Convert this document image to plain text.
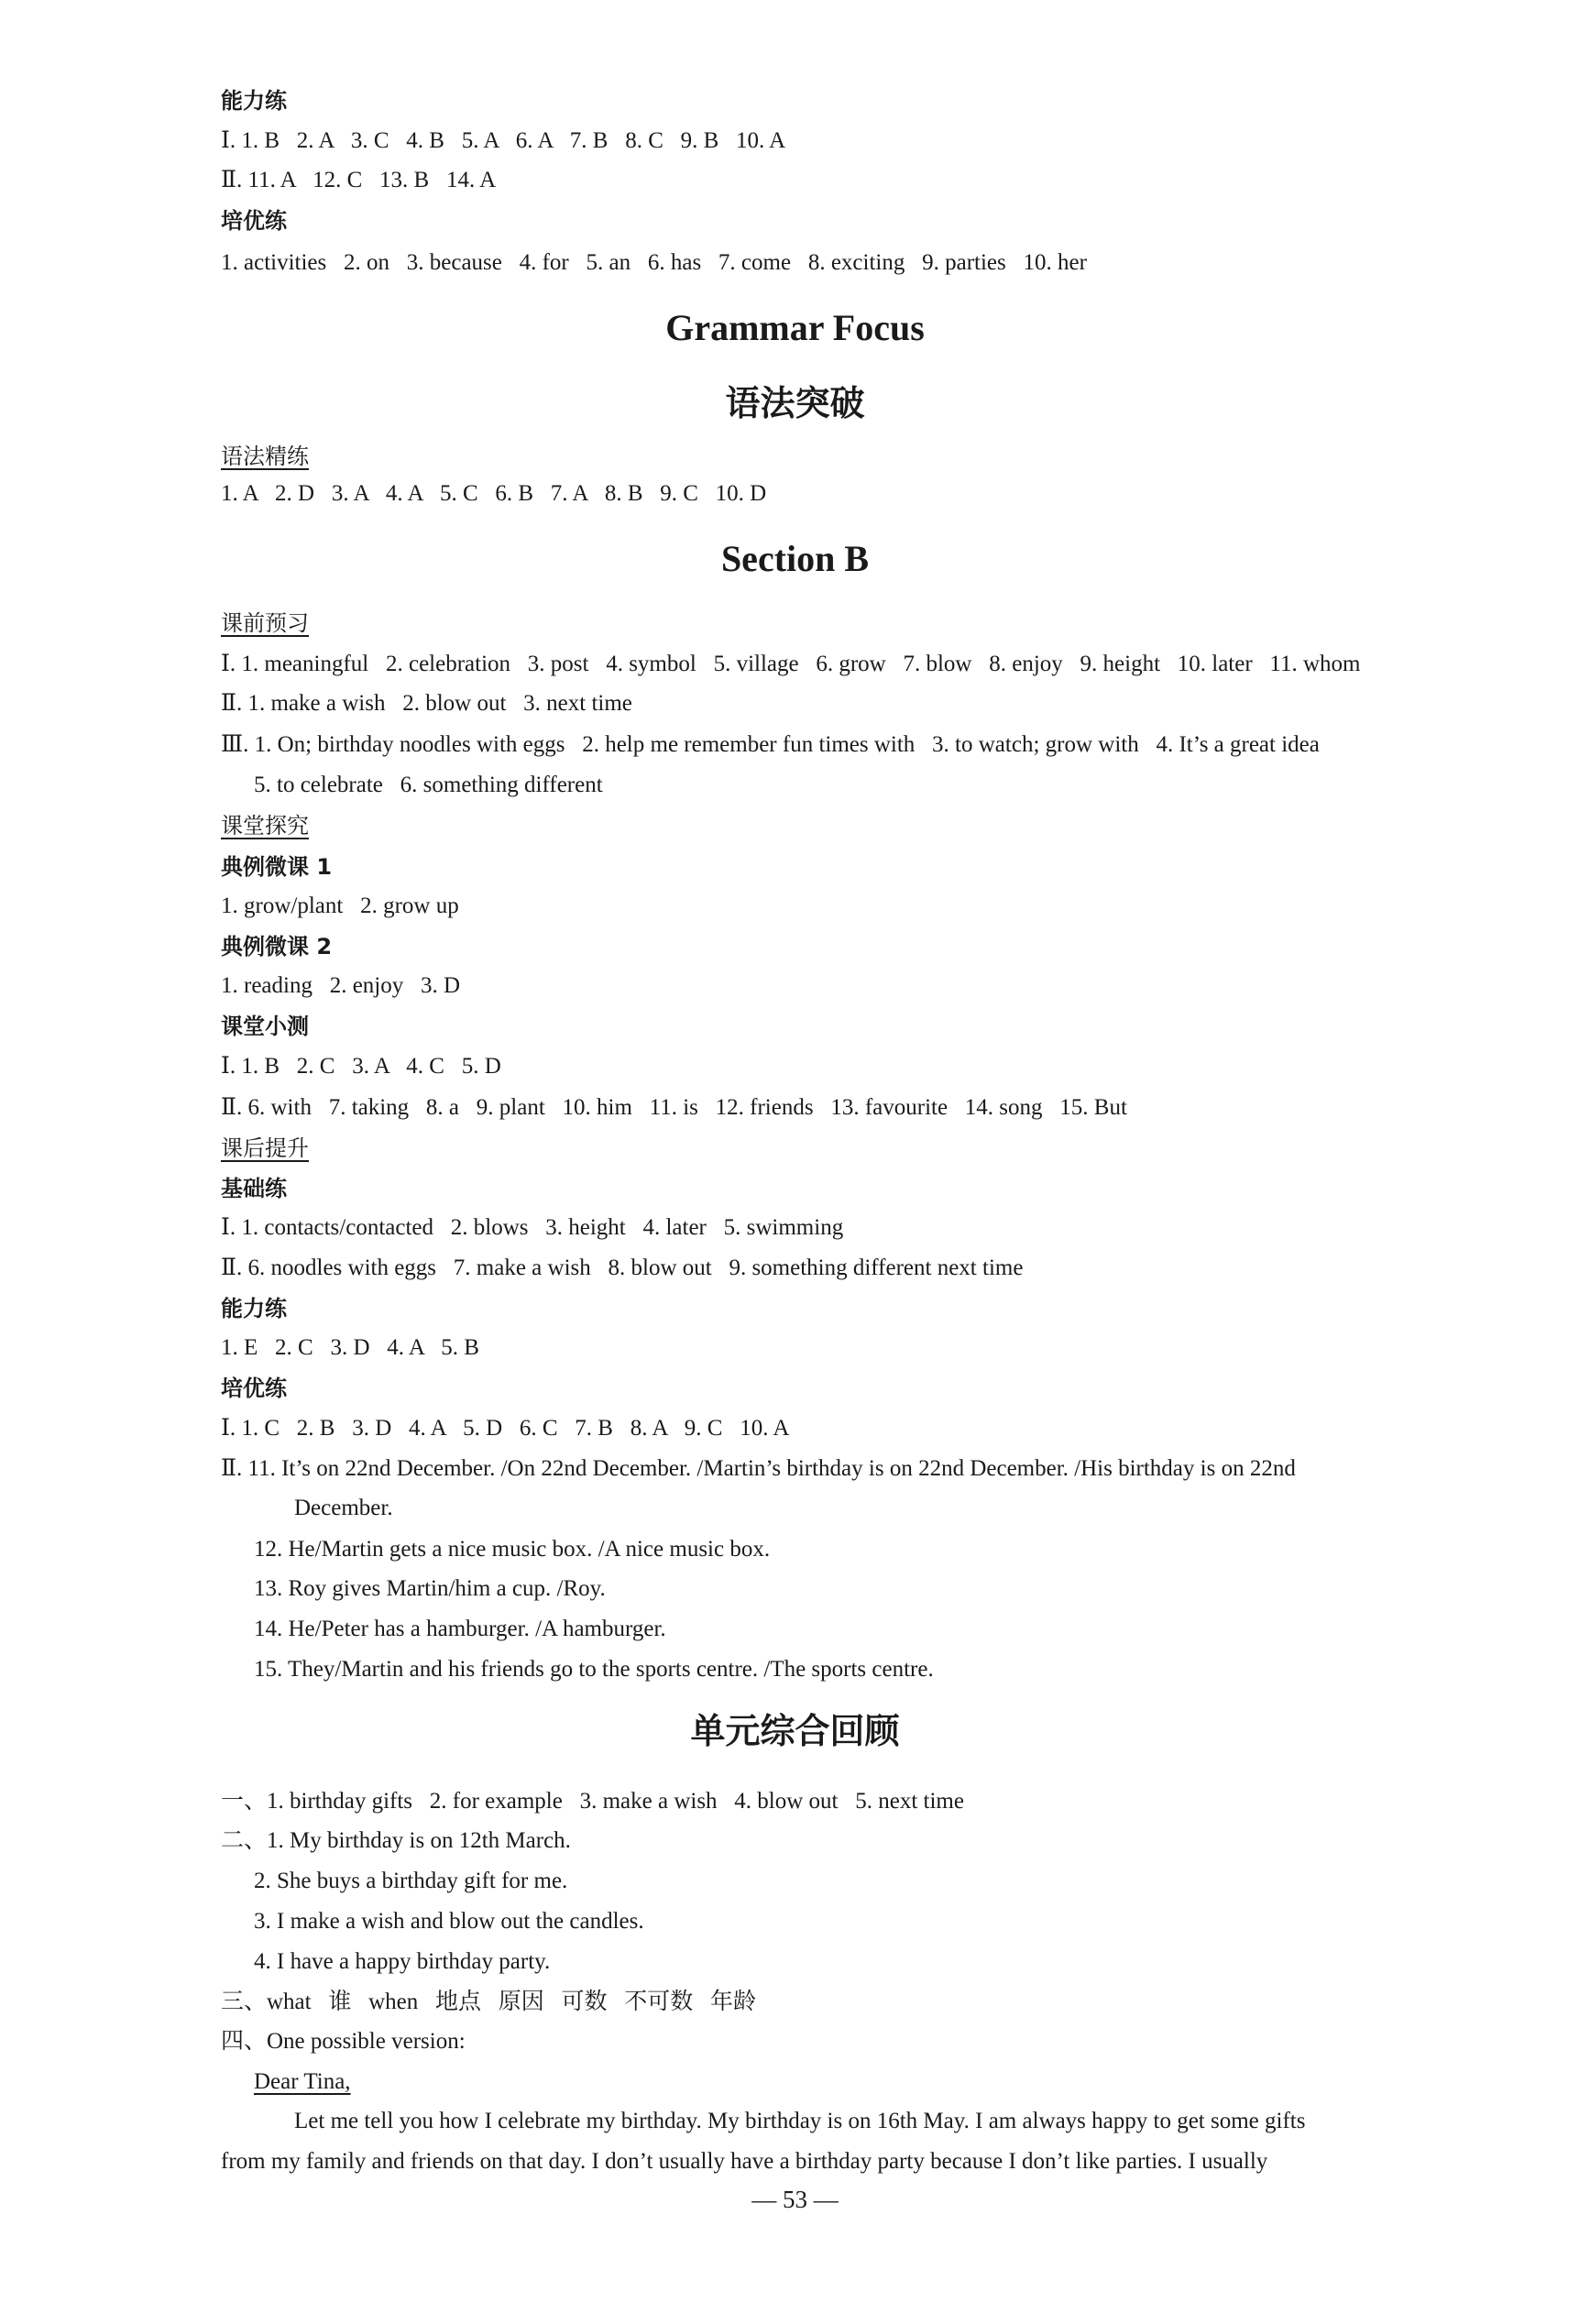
能力练
Ⅰ. 1. B   2. A   3. C   4. B   5. A   6. A   7. B   8. C   9. B   10. A
Ⅱ. 11. A   12. C   13. B   14. A
培优练
1. activities   2. on   3. because   4. for   5. an   6. has   7. come   8. exciting   9. parties   10. her
语法精练
1. A   2. D   3. A   4. A   5. C   6. B   7. A   8. B   9. C   10. D
课前预习
Ⅰ. 1. meaningful   2. celebration   3. post   4. symbol   5. village   6. grow   7. blow   8. enjoy   9. height   10. later   11. whom
Ⅱ. 1. make a wish   2. blow out   3. next time
Ⅲ. 1. On; birthday noodles with eggs   2. help me remember fun times with   3. to watch; grow with   4. It’s a great idea
5. to celebrate   6. something different
课堂探究
典例微课 1
1. grow/plant   2. grow up
典例微课 2
1. reading   2. enjoy   3. D
课堂小测
Ⅰ. 1. B   2. C   3. A   4. C   5. D
Ⅱ. 6. with   7. taking   8. a   9. plant   10. him   11. is   12. friends   13. favourite   14. song   15. But
课后提升
基础练
Ⅰ. 1. contacts/contacted   2. blows   3. height   4. later   5. swimming
Ⅱ. 6. noodles with eggs   7. make a wish   8. blow out   9. something different next time
能力练
1. E   2. C   3. D   4. A   5. B
培优练
Ⅰ. 1. C   2. B   3. D   4. A   5. D   6. C   7. B   8. A   9. C   10. A
Ⅱ. 11. It’s on 22nd December. /On 22nd December. /Martin’s birthday is on 22nd December. /His birthday is on 22nd
December.
12. He/Martin gets a nice music box. /A nice music box.
13. Roy gives Martin/him a cup. /Roy.
14. He/Peter has a hamburger. /A hamburger.
15. They/Martin and his friends go to the sports centre. /The sports centre.
一、1. birthday gifts   2. for example   3. make a wish   4. blow out   5. next time
二、1. My birthday is on 12th March.
2. She buys a birthday gift for me.
3. I make a wish and blow out the candles.
4. I have a happy birthday party.
三、what   谁   when   地点   原因   可数   不可数   年龄
四、One possible version:
Dear Tina,
Let me tell you how I celebrate my birthday. My birthday is on 16th May. I am always happy to get some gifts
from my family and friends on that day. I don’t usually have a birthday party because I don’t like parties. I usually
Grammar Focus
语法突破
Section B
单元综合回顾
— 53 —
